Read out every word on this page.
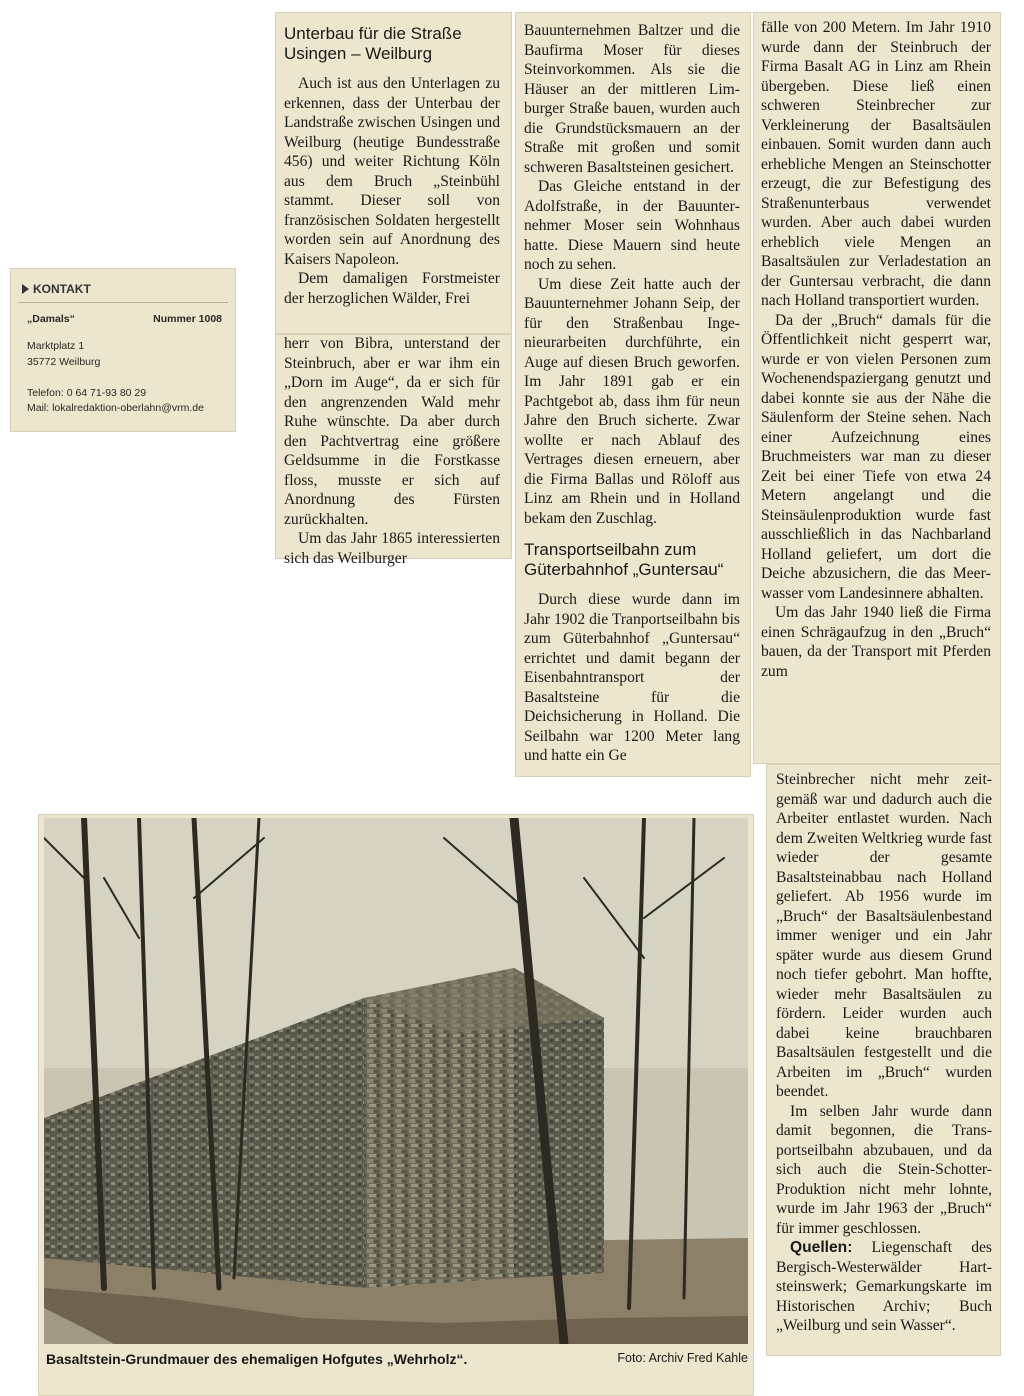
KONTAKT
„Damals“	Nummer 1008
Marktplatz 1
35772 Weilburg
Telefon: 0 64 71-93 80 29
Mail: lokalredaktion-oberlahn@vrm.de
Unterbau für die Straße
Usingen – Weilburg

Auch ist aus den Unterlagen zu erkennen, dass der Unterbau der Landstraße zwischen Usingen und Weilburg (heutige Bundesstraße 456) und weiter Richtung Köln aus dem Bruch „Steinbühl stammt. Dieser soll von französischen Soldaten hergestellt worden sein auf Anordnung des Kaisers Napoleon.

Dem damaligen Forstmeister der herzoglichen Wälder, Frei

herr von Bibra, unterstand der Steinbruch, aber er war ihm ein „Dorn im Auge“, da er sich für den angrenzenden Wald mehr Ruhe wünschte. Da aber durch den Pachtvertrag eine größere Geldsumme in die Forstkasse floss, musste er sich auf Anordnung des Fürsten zurückhalten.

Um das Jahr 1865 interessierten sich das Weilburger

Bauunternehmen Baltzer und die Baufirma Moser für dieses Steinvorkommen. Als sie die Häuser an der mittleren Limburger Straße bauen, wurden auch die Grundstücksmauern an der Straße mit großen und somit schweren Basaltsteinen gesichert.

Das Gleiche entstand in der Adolfstraße, in der Bauunternehmer Moser sein Wohnhaus hatte. Diese Mauern sind heute noch zu sehen.

Um diese Zeit hatte auch der Bauunternehmer Johann Seip, der für den Straßenbau Ingenieurarbeiten durchführte, ein Auge auf diesen Bruch geworfen. Im Jahr 1891 gab er ein Pachtgebot ab, dass ihm für neun Jahre den Bruch sicherte. Zwar wollte er nach Ablauf des Vertrages diesen erneuern, aber die Firma Ballas und Röloff aus Linz am Rhein und in Holland bekam den Zuschlag.

Transportseilbahn zum
Güterbahnhof „Guntersau“

Durch diese wurde dann im Jahr 1902 die Tranportseilbahn bis zum Güterbahnhof „Guntersau“ errichtet und damit begann der Eisenbahntransport der Basaltsteine für die Deichsicherung in Holland. Die Seilbahn war 1200 Meter lang und hatte ein Ge

fälle von 200 Metern. Im Jahr 1910 wurde dann der Steinbruch der Firma Basalt AG in Linz am Rhein übergeben. Diese ließ einen schweren Steinbrecher zur Verkleinerung der Basaltsäulen einbauen. Somit wurden dann auch erhebliche Mengen an Steinschotter erzeugt, die zur Befestigung des Straßenunterbaus verwendet wurden. Aber auch dabei wurden erheblich viele Mengen an Basaltsäulen zur Verladestation an der Guntersau verbracht, die dann nach Holland transportiert wurden.

Da der „Bruch“ damals für die Öffentlichkeit nicht gesperrt war, wurde er von vielen Personen zum Wochenendspaziergang genutzt und dabei konnte sie aus der Nähe die Säulenform der Steine sehen. Nach einer Aufzeichnung eines Bruchmeisters war man zu dieser Zeit bei einer Tiefe von etwa 24 Metern angelangt und die Steinsäulenproduktion wurde fast ausschließlich in das Nachbarland Holland geliefert, um dort die Deiche abzusichern, die das Meerwasser vom Landesinnere abhalten.

Um das Jahr 1940 ließ die Firma einen Schrägaufzug in den „Bruch“ bauen, da der Transport mit Pferden zum

Steinbrecher nicht mehr zeitgemäß war und dadurch auch die Arbeiter entlastet wurden. Nach dem Zweiten Weltkrieg wurde fast wieder der gesamte Basaltsteinabbau nach Holland geliefert. Ab 1956 wurde im „Bruch“ der Basaltsäulenbestand immer weniger und ein Jahr später wurde aus diesem Grund noch tiefer gebohrt. Man hoffte, wieder mehr Basaltsäulen zu fördern. Leider wurden auch dabei keine brauchbaren Basaltsäulen festgestellt und die Arbeiten im „Bruch“ wurden beendet.

Im selben Jahr wurde dann damit begonnen, die Transportseilbahn abzubauen, und da sich auch die Stein-Schotter-Produktion nicht mehr lohnte, wurde im Jahr 1963 der „Bruch“ für immer geschlossen.

Quellen: Liegenschaft des Bergisch-Westerwälder Hartsteinswerk; Gemarkungskarte im Historischen Archiv; Buch „Weilburg und sein Wasser“.

Basaltstein-Grundmauer des ehemaligen Hofgutes „Wehrholz“.	Foto: Archiv Fred Kahle
